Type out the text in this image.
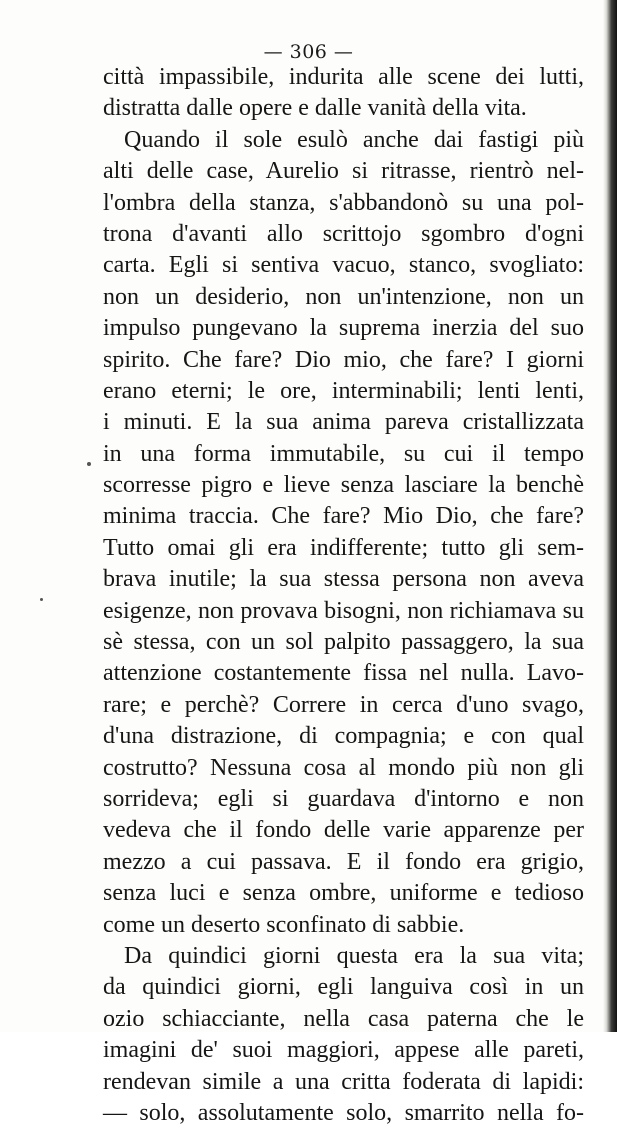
— 306 —
città impassibile, indurita alle scene dei lutti,
distratta dalle opere e dalle vanità della vita.
Quando il sole esulò anche dai fastigi più
alti delle case, Aurelio si ritrasse, rientrò nel-
l'ombra della stanza, s'abbandonò su una pol-
trona d'avanti allo scrittojo sgombro d'ogni
carta. Egli si sentiva vacuo, stanco, svogliato:
non un desiderio, non un'intenzione, non un
impulso pungevano la suprema inerzia del suo
spirito. Che fare? Dio mio, che fare? I giorni
erano eterni; le ore, interminabili; lenti lenti,
i minuti. E la sua anima pareva cristallizzata
in una forma immutabile, su cui il tempo
scorresse pigro e lieve senza lasciare la benchè
minima traccia. Che fare? Mio Dio, che fare?
Tutto omai gli era indifferente; tutto gli sem-
brava inutile; la sua stessa persona non aveva
esigenze, non provava bisogni, non richiamava su
sè stessa, con un sol palpito passaggero, la sua
attenzione costantemente fissa nel nulla. Lavo-
rare; e perchè? Correre in cerca d'uno svago,
d'una distrazione, di compagnia; e con qual
costrutto? Nessuna cosa al mondo più non gli
sorrideva; egli si guardava d'intorno e non
vedeva che il fondo delle varie apparenze per
mezzo a cui passava. E il fondo era grigio,
senza luci e senza ombre, uniforme e tedioso
come un deserto sconfinato di sabbie.
Da quindici giorni questa era la sua vita;
da quindici giorni, egli languiva così in un
ozio schiacciante, nella casa paterna che le
imagini de' suoi maggiori, appese alle pareti,
rendevan simile a una critta foderata di lapidi:
— solo, assolutamente solo, smarrito nella fo-
